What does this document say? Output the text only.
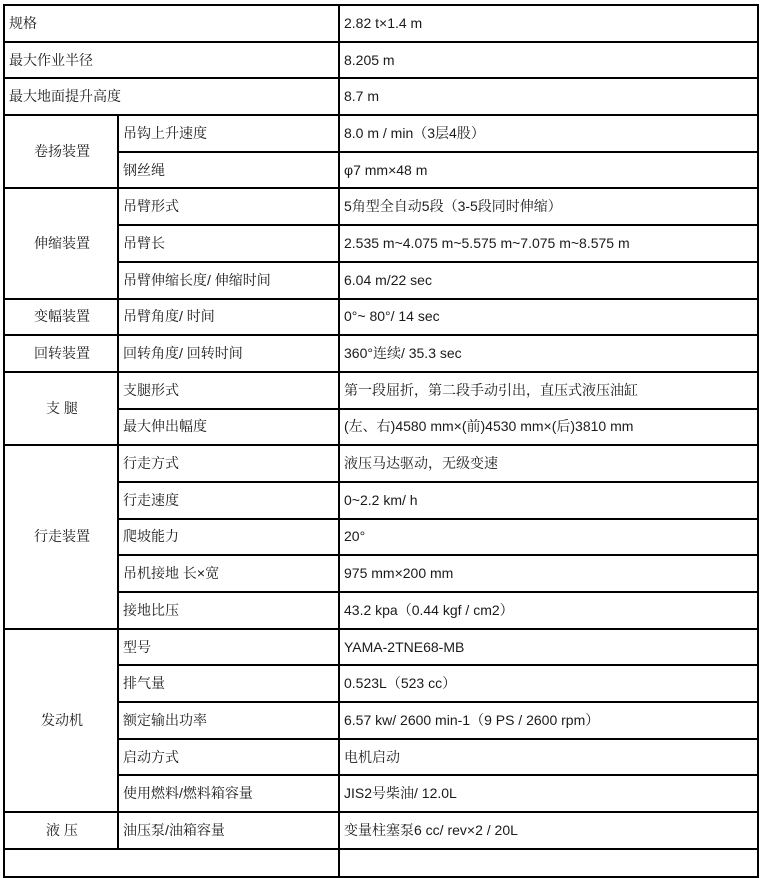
规格		2.82 t×1.4 m
最大作业半径		8.205 m
最大地面提升高度		8.7 m
卷扬装置	吊钩上升速度	8.0 m / min（3层4股）
	钢丝绳	φ7 mm×48 m
伸缩装置	吊臂形式	5角型全自动5段（3-5段同时伸缩）
	吊臂长	2.535 m~4.075 m~5.575 m~7.075 m~8.575 m
	吊臂伸缩长度/ 伸缩时间	6.04 m/22 sec
变幅装置	吊臂角度/ 时间	0°~ 80°/ 14 sec
回转装置	回转角度/ 回转时间	360°连续/ 35.3 sec
支 腿	支腿形式	第一段屈折，第二段手动引出，直压式液压油缸
	最大伸出幅度	(左、右)4580 mm×(前)4530 mm×(后)3810 mm
行走装置	行走方式	液压马达驱动，无级变速
	行走速度	0~2.2 km/ h
	爬坡能力	20°
	吊机接地 长×宽	975 mm×200 mm
	接地比压	43.2 kpa（0.44 kgf / cm2）
发动机	型号	YAMA-2TNE68-MB
	排气量	0.523L（523 cc）
	额定输出功率	6.57 kw/ 2600 min-1（9 PS / 2600 rpm）
	启动方式	电机启动
	使用燃料/燃料箱容量	JIS2号柴油/ 12.0L
液 压	油压泵/油箱容量	变量柱塞泵6 cc/ rev×2 / 20L
